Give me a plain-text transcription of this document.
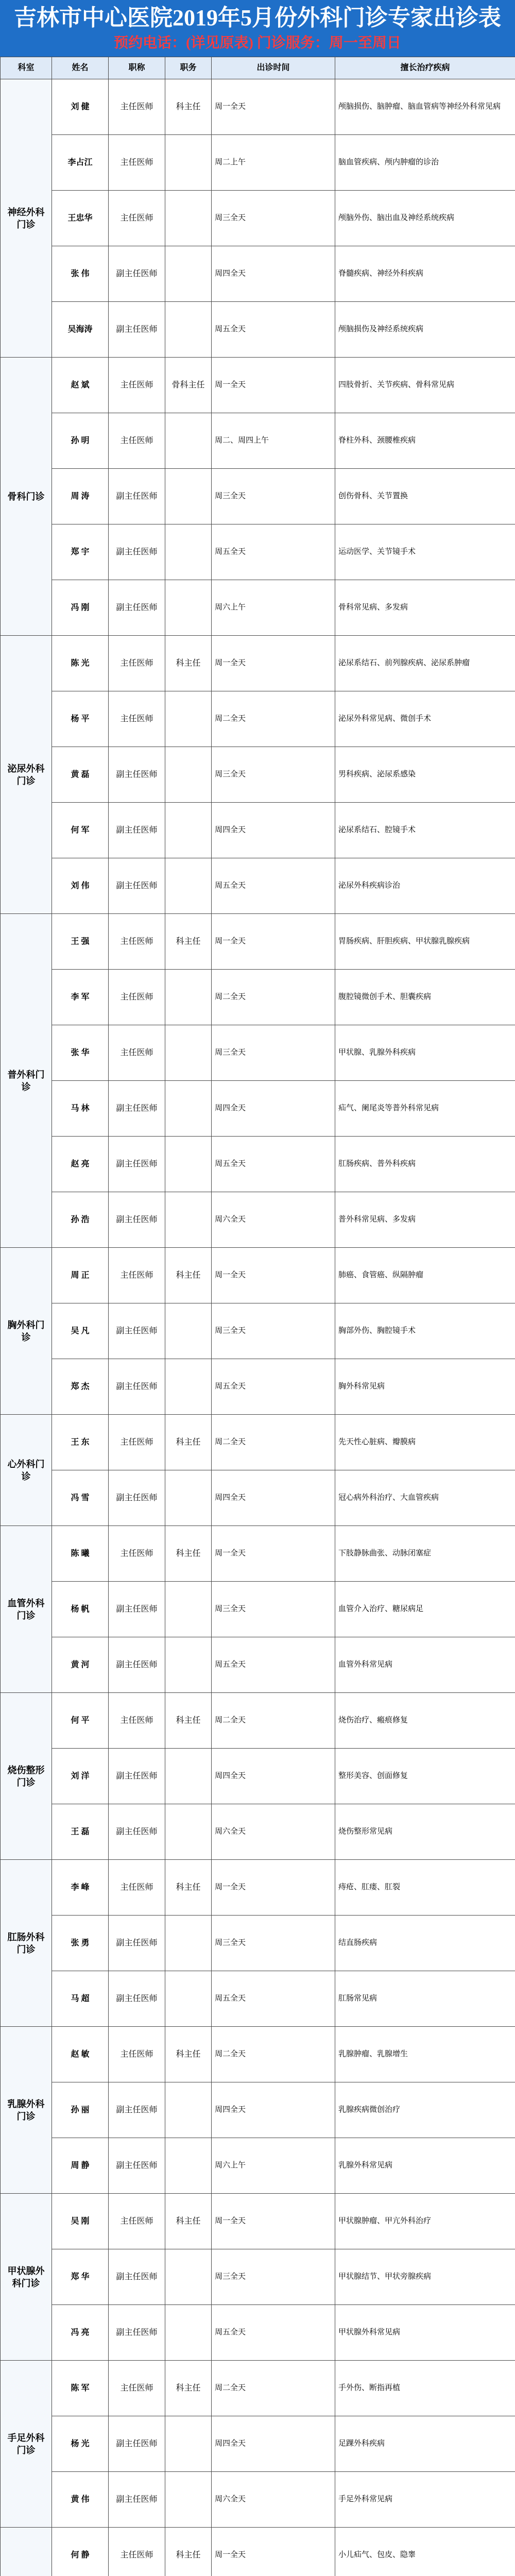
吉林市中心医院2019年5月份外科门诊专家出诊表
预约电话：(详见原表) 门诊服务：周一至周日
科室	姓名	职称	职务	出诊时间	擅长治疗疾病
神经外科门诊	刘 健	主任医师	科主任	周一全天	颅脑损伤、脑肿瘤、脑血管病等神经外科常见病
	李占江	主任医师		周二上午	脑血管疾病、颅内肿瘤的诊治
	王忠华	主任医师		周三全天	颅脑外伤、脑出血及神经系统疾病
	张 伟	副主任医师		周四全天	脊髓疾病、神经外科疾病
	吴海涛	副主任医师		周五全天	颅脑损伤及神经系统疾病
骨科门诊	赵 斌	主任医师	骨科主任	周一全天	四肢骨折、关节疾病、骨科常见病
	孙 明	主任医师		周二、周四上午	脊柱外科、颈腰椎疾病
	周 涛	副主任医师		周三全天	创伤骨科、关节置换
	郑 宇	副主任医师		周五全天	运动医学、关节镜手术
	冯 刚	副主任医师		周六上午	骨科常见病、多发病
泌尿外科门诊	陈 光	主任医师	科主任	周一全天	泌尿系结石、前列腺疾病、泌尿系肿瘤
	杨 平	主任医师		周二全天	泌尿外科常见病、微创手术
	黄 磊	副主任医师		周三全天	男科疾病、泌尿系感染
	何 军	副主任医师		周四全天	泌尿系结石、腔镜手术
	刘 伟	副主任医师		周五全天	泌尿外科疾病诊治
普外科门诊	王 强	主任医师	科主任	周一全天	胃肠疾病、肝胆疾病、甲状腺乳腺疾病
	李 军	主任医师		周二全天	腹腔镜微创手术、胆囊疾病
	张 华	主任医师		周三全天	甲状腺、乳腺外科疾病
	马 林	副主任医师		周四全天	疝气、阑尾炎等普外科常见病
	赵 亮	副主任医师		周五全天	肛肠疾病、普外科疾病
	孙 浩	副主任医师		周六全天	普外科常见病、多发病
胸外科门诊	周 正	主任医师	科主任	周一全天	肺癌、食管癌、纵隔肿瘤
	吴 凡	副主任医师		周三全天	胸部外伤、胸腔镜手术
	郑 杰	副主任医师		周五全天	胸外科常见病
心外科门诊	王 东	主任医师	科主任	周二全天	先天性心脏病、瓣膜病
	冯 雪	副主任医师		周四全天	冠心病外科治疗、大血管疾病
血管外科门诊	陈 曦	主任医师	科主任	周一全天	下肢静脉曲张、动脉闭塞症
	杨 帆	副主任医师		周三全天	血管介入治疗、糖尿病足
	黄 河	副主任医师		周五全天	血管外科常见病
烧伤整形门诊	何 平	主任医师	科主任	周二全天	烧伤治疗、瘢痕修复
	刘 洋	副主任医师		周四全天	整形美容、创面修复
	王 磊	副主任医师		周六全天	烧伤整形常见病
肛肠外科门诊	李 峰	主任医师	科主任	周一全天	痔疮、肛瘘、肛裂
	张 勇	副主任医师		周三全天	结直肠疾病
	马 超	副主任医师		周五全天	肛肠常见病
乳腺外科门诊	赵 敏	主任医师	科主任	周二全天	乳腺肿瘤、乳腺增生
	孙 丽	副主任医师		周四全天	乳腺疾病微创治疗
	周 静	副主任医师		周六上午	乳腺外科常见病
甲状腺外科门诊	吴 刚	主任医师	科主任	周一全天	甲状腺肿瘤、甲亢外科治疗
	郑 华	副主任医师		周三全天	甲状腺结节、甲状旁腺疾病
	冯 亮	副主任医师		周五全天	甲状腺外科常见病
手足外科门诊	陈 军	主任医师	科主任	周二全天	手外伤、断指再植
	杨 光	副主任医师		周四全天	足踝外科疾病
	黄 伟	副主任医师		周六全天	手足外科常见病
	何 静	主任医师	科主任	周一全天	小儿疝气、包皮、隐睾
